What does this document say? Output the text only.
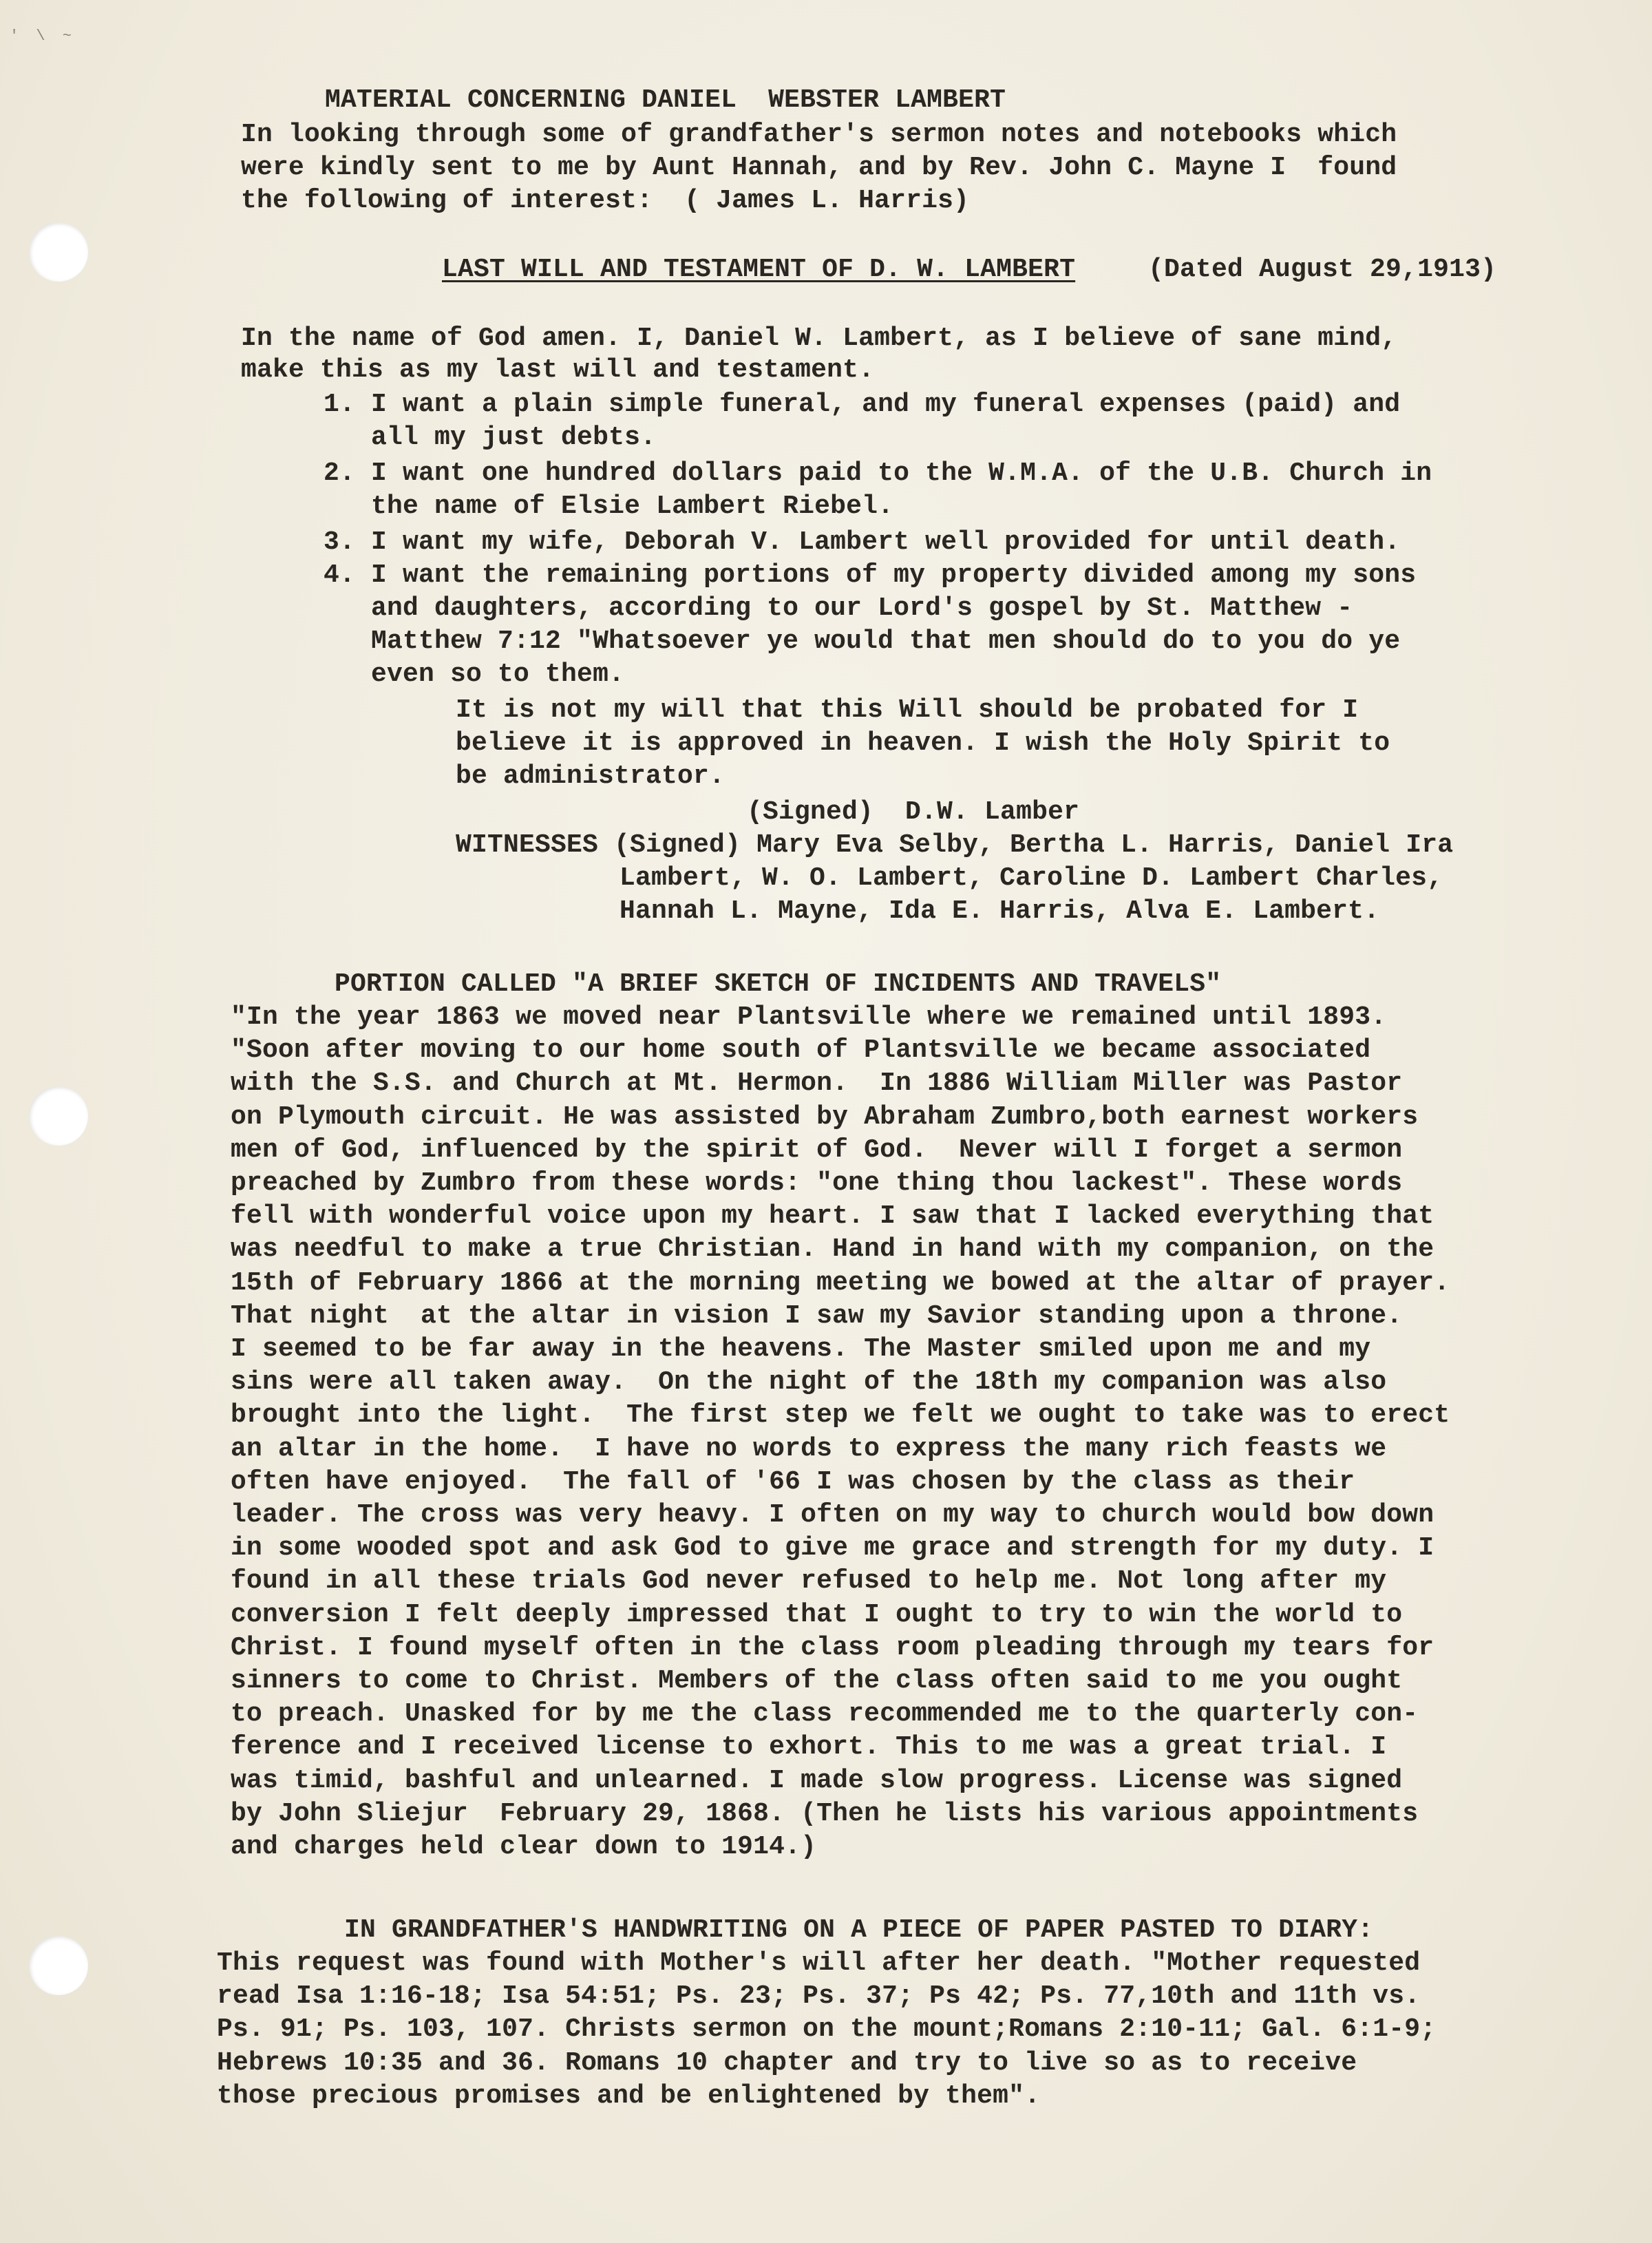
' \ ~
MATERIAL CONCERNING DANIEL  WEBSTER LAMBERT
In looking through some of grandfather's sermon notes and notebooks which
were kindly sent to me by Aunt Hannah, and by Rev. John C. Mayne I  found
the following of interest:  ( James L. Harris)
LAST WILL AND TESTAMENT OF D. W. LAMBERT	(Dated August 29,1913)
In the name of God amen. I, Daniel W. Lambert, as I believe of sane mind,
make this as my last will and testament.
1. I want a plain simple funeral, and my funeral expenses (paid) and
all my just debts.
2. I want one hundred dollars paid to the W.M.A. of the U.B. Church in
the name of Elsie Lambert Riebel.
3. I want my wife, Deborah V. Lambert well provided for until death.
4. I want the remaining portions of my property divided among my sons
and daughters, according to our Lord's gospel by St. Matthew -
Matthew 7:12 "Whatsoever ye would that men should do to you do ye
even so to them.
It is not my will that this Will should be probated for I
believe it is approved in heaven. I wish the Holy Spirit to
be administrator.
(Signed)  D.W. Lamber
WITNESSES (Signed) Mary Eva Selby, Bertha L. Harris, Daniel Ira
Lambert, W. O. Lambert, Caroline D. Lambert Charles,
Hannah L. Mayne, Ida E. Harris, Alva E. Lambert.
PORTION CALLED "A BRIEF SKETCH OF INCIDENTS AND TRAVELS"
"In the year 1863 we moved near Plantsville where we remained until 1893.
"Soon after moving to our home south of Plantsville we became associated
with the S.S. and Church at Mt. Hermon.  In 1886 William Miller was Pastor
on Plymouth circuit. He was assisted by Abraham Zumbro,both earnest workers
men of God, influenced by the spirit of God.  Never will I forget a sermon
preached by Zumbro from these words: "one thing thou lackest". These words
fell with wonderful voice upon my heart. I saw that I lacked everything that
was needful to make a true Christian. Hand in hand with my companion, on the
15th of February 1866 at the morning meeting we bowed at the altar of prayer.
That night  at the altar in vision I saw my Savior standing upon a throne.
I seemed to be far away in the heavens. The Master smiled upon me and my
sins were all taken away.  On the night of the 18th my companion was also
brought into the light.  The first step we felt we ought to take was to erect
an altar in the home.  I have no words to express the many rich feasts we
often have enjoyed.  The fall of '66 I was chosen by the class as their
leader. The cross was very heavy. I often on my way to church would bow down
in some wooded spot and ask God to give me grace and strength for my duty. I
found in all these trials God never refused to help me. Not long after my
conversion I felt deeply impressed that I ought to try to win the world to
Christ. I found myself often in the class room pleading through my tears for
sinners to come to Christ. Members of the class often said to me you ought
to preach. Unasked for by me the class recommended me to the quarterly con-
ference and I received license to exhort. This to me was a great trial. I
was timid, bashful and unlearned. I made slow progress. License was signed
by John Sliejur  February 29, 1868. (Then he lists his various appointments
and charges held clear down to 1914.)
IN GRANDFATHER'S HANDWRITING ON A PIECE OF PAPER PASTED TO DIARY:
This request was found with Mother's will after her death. "Mother requested
read Isa 1:16-18; Isa 54:51; Ps. 23; Ps. 37; Ps 42; Ps. 77,10th and 11th vs.
Ps. 91; Ps. 103, 107. Christs sermon on the mount;Romans 2:10-11; Gal. 6:1-9;
Hebrews 10:35 and 36. Romans 10 chapter and try to live so as to receive
those precious promises and be enlightened by them".
